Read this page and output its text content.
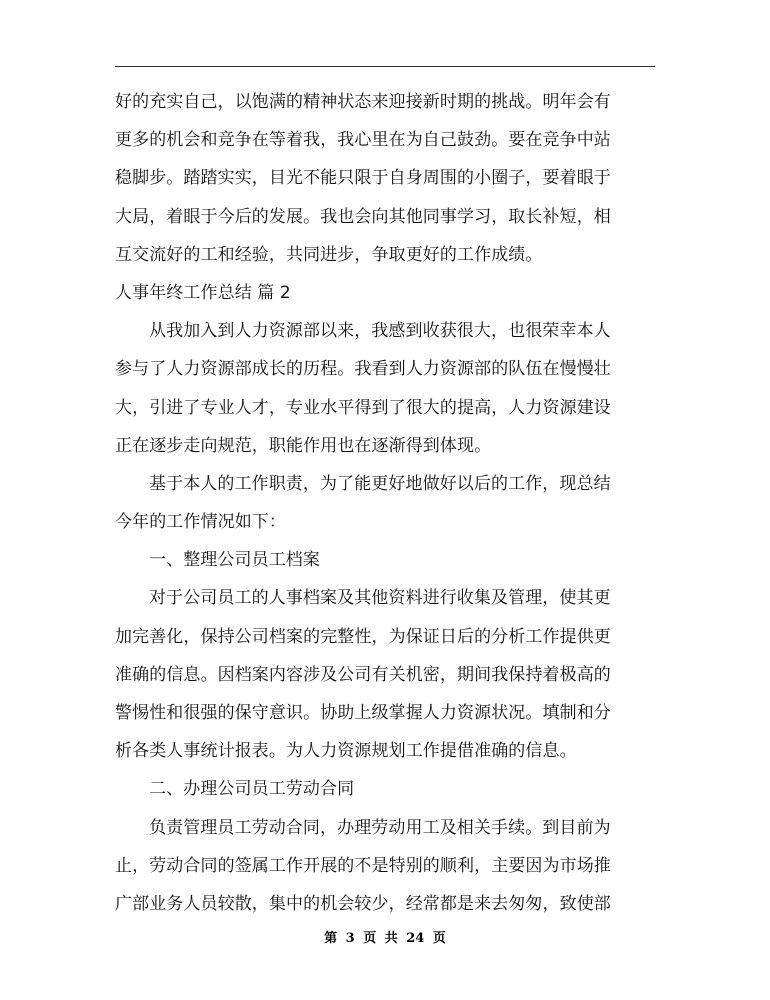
好的充实自己，以饱满的精神状态来迎接新时期的挑战。明年会有
更多的机会和竞争在等着我，我心里在为自己鼓劲。要在竞争中站
稳脚步。踏踏实实，目光不能只限于自身周围的小圈子，要着眼于
大局，着眼于今后的发展。我也会向其他同事学习，取长补短，相
互交流好的工和经验，共同进步，争取更好的工作成绩。
人事年终工作总结 篇 2
从我加入到人力资源部以来，我感到收获很大，也很荣幸本人
参与了人力资源部成长的历程。我看到人力资源部的队伍在慢慢壮
大，引进了专业人才，专业水平得到了很大的提高，人力资源建设
正在逐步走向规范，职能作用也在逐渐得到体现。
基于本人的工作职责，为了能更好地做好以后的工作，现总结
今年的工作情况如下：
一、整理公司员工档案
对于公司员工的人事档案及其他资料进行收集及管理，使其更
加完善化，保持公司档案的完整性，为保证日后的分析工作提供更
准确的信息。因档案内容涉及公司有关机密，期间我保持着极高的
警惕性和很强的保守意识。协助上级掌握人力资源状况。填制和分
析各类人事统计报表。为人力资源规划工作提借准确的信息。
二、办理公司员工劳动合同
负责管理员工劳动合同，办理劳动用工及相关手续。到目前为
止，劳动合同的签属工作开展的不是特别的顺利，主要因为市场推
广部业务人员较散，集中的机会较少，经常都是来去匆匆，致使部
第 3 页 共 24 页
